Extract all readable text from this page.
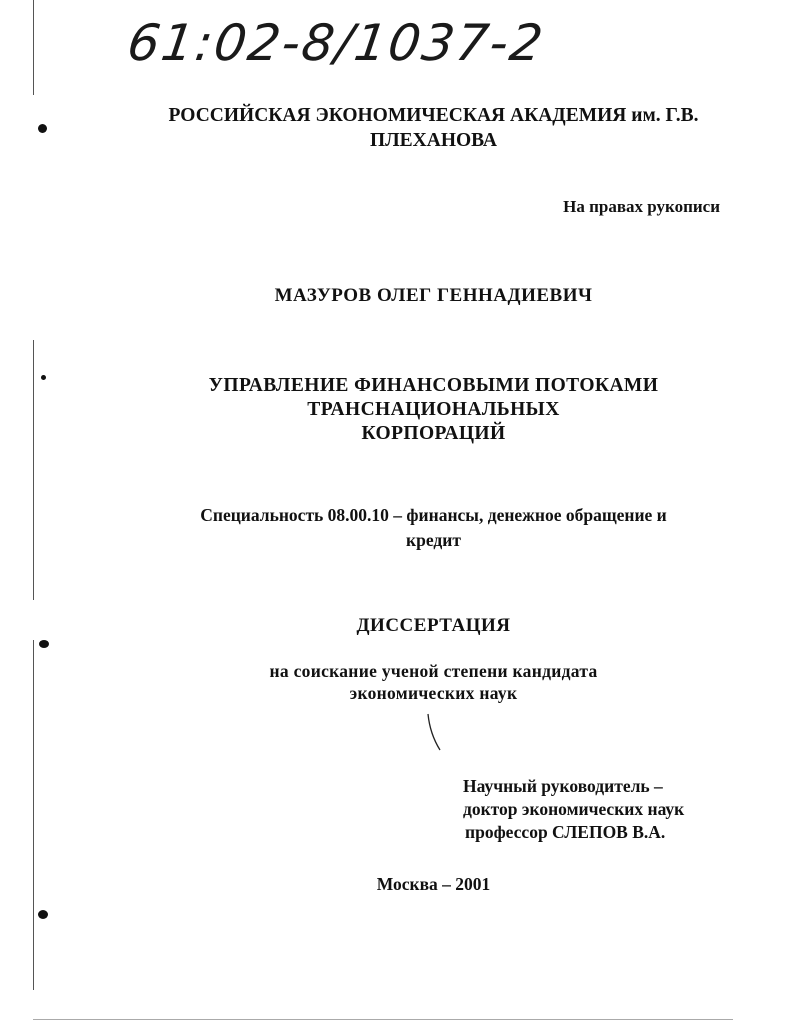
61:02-8/1037-2
РОССИЙСКАЯ ЭКОНОМИЧЕСКАЯ АКАДЕМИЯ им. Г.В.
ПЛЕХАНОВА
На правах рукописи
МАЗУРОВ ОЛЕГ ГЕННАДИЕВИЧ
УПРАВЛЕНИЕ ФИНАНСОВЫМИ ПОТОКАМИ
ТРАНСНАЦИОНАЛЬНЫХ
КОРПОРАЦИЙ
Специальность 08.00.10 – финансы, денежное обращение и
кредит
ДИССЕРТАЦИЯ
на соискание ученой степени кандидата
экономических наук
Научный руководитель –
доктор экономических наук
профессор СЛЕПОВ В.А.
Москва – 2001
